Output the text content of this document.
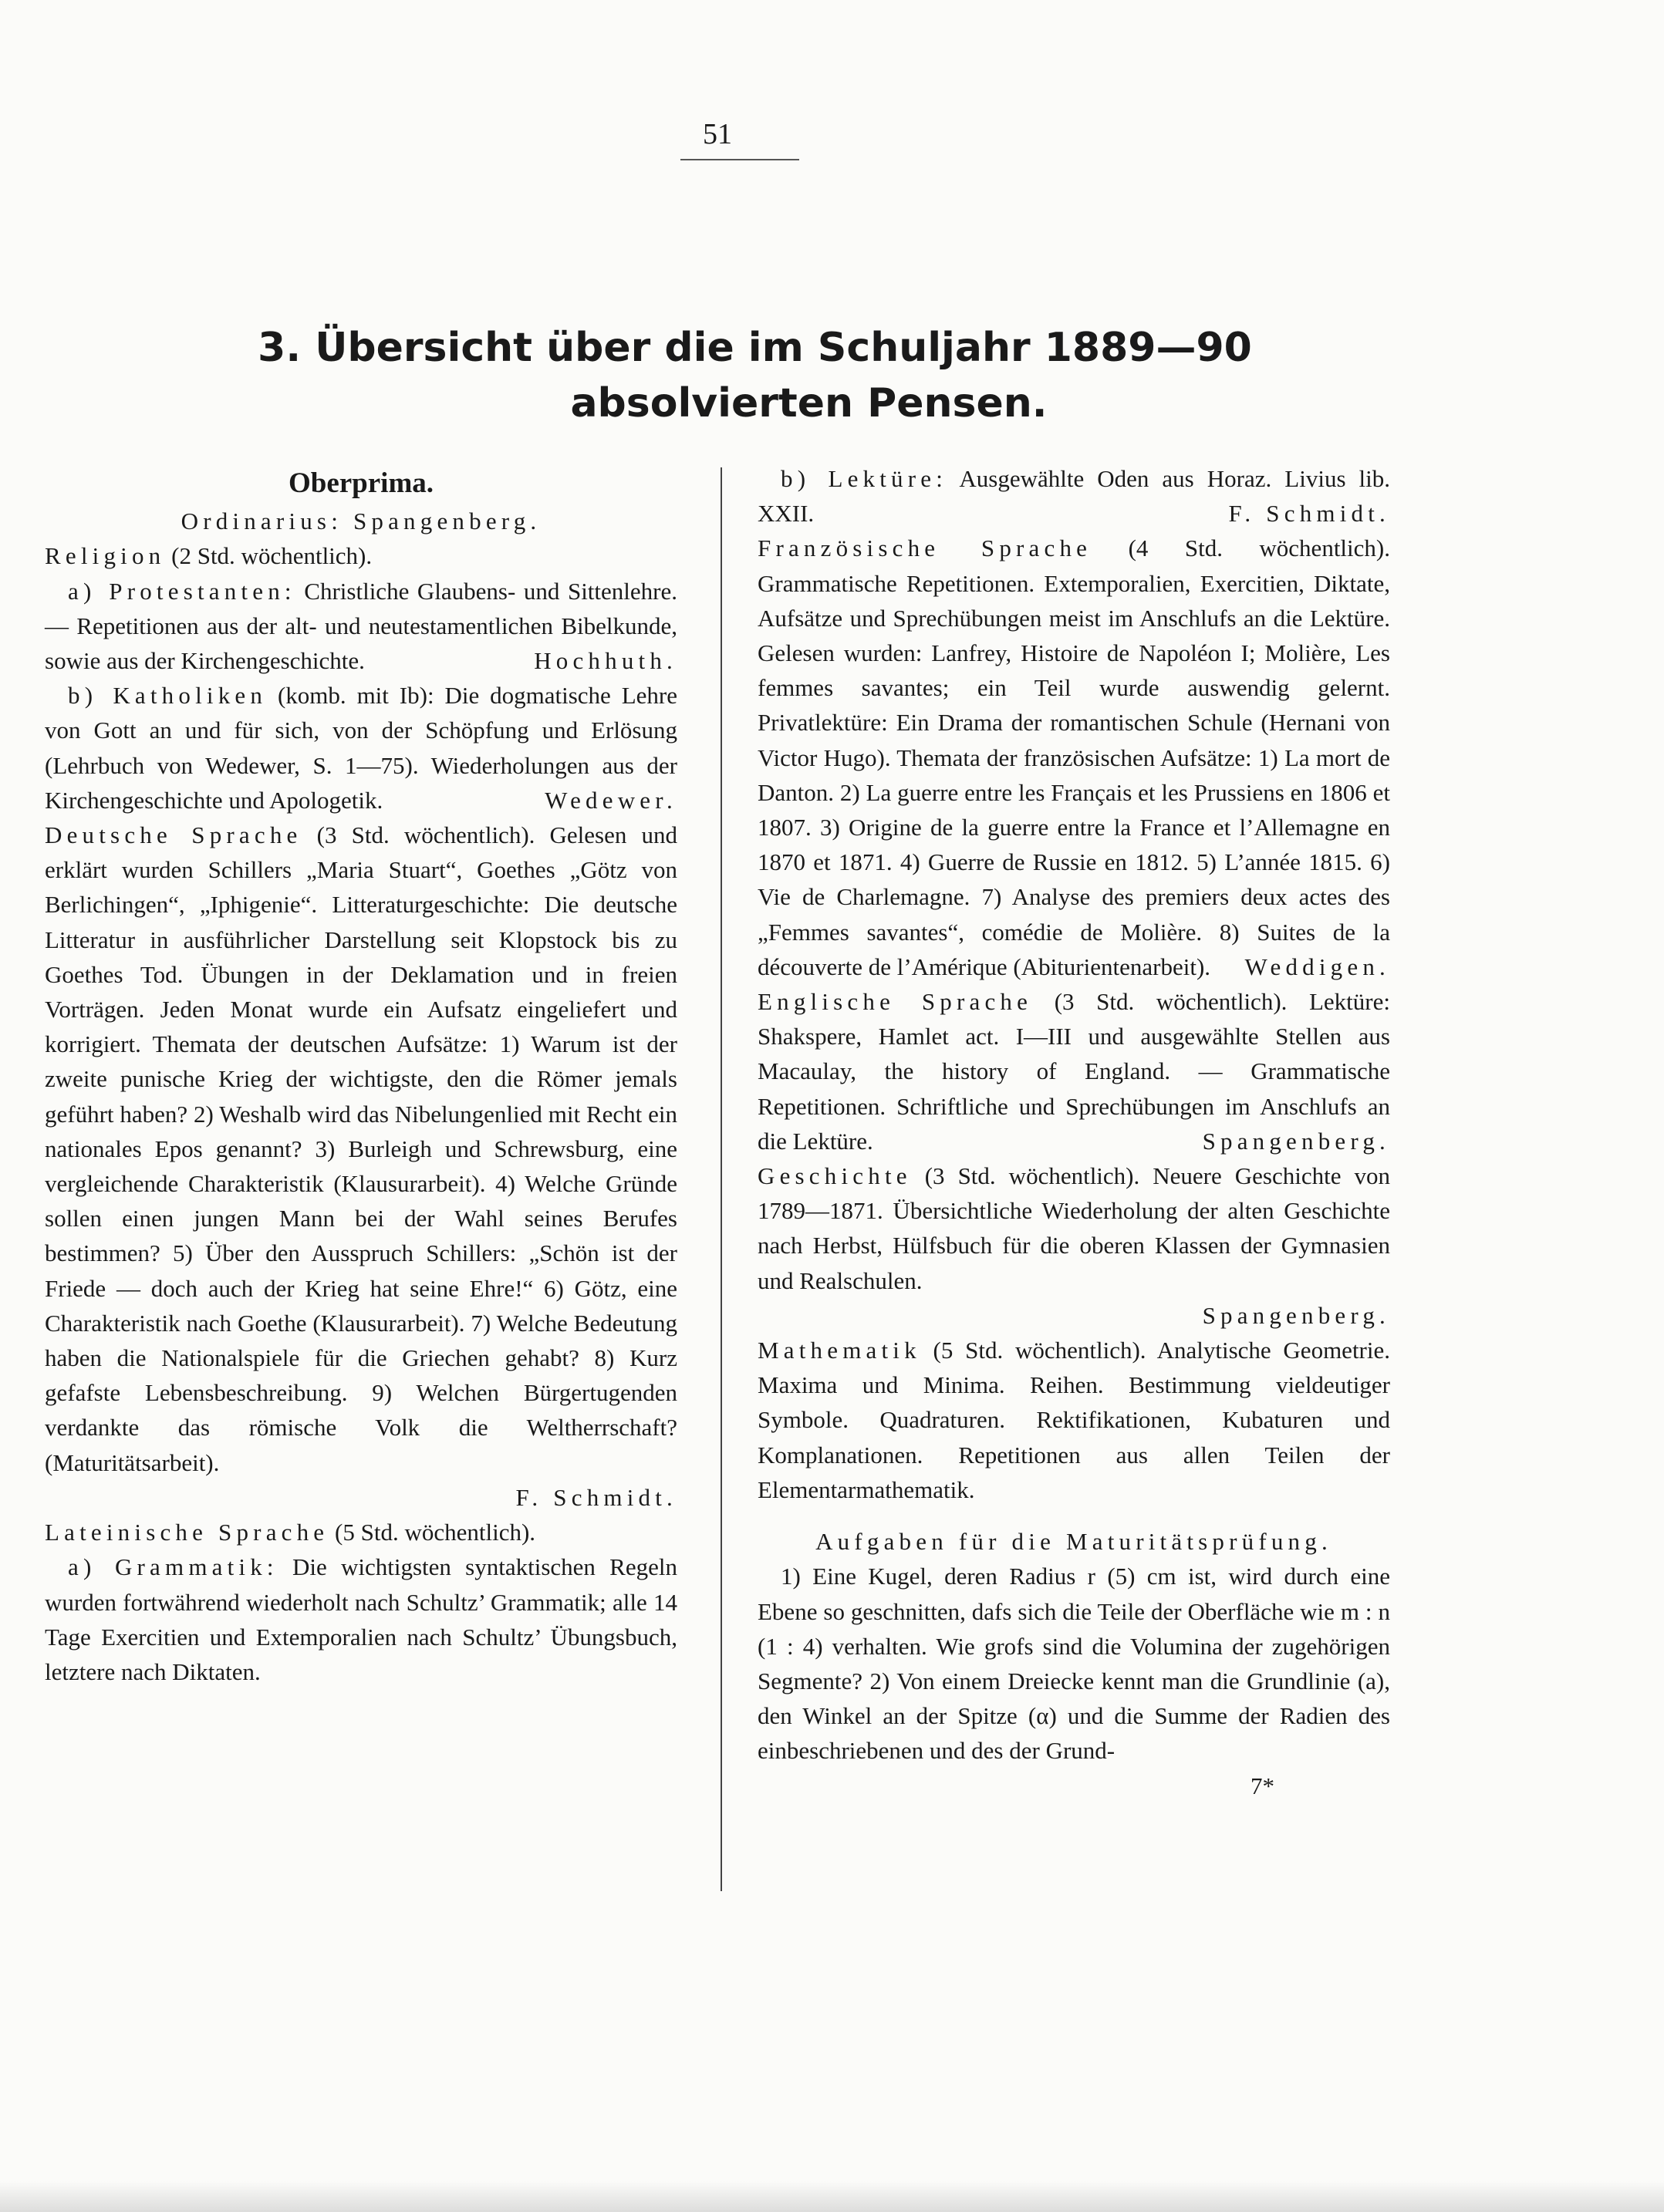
51
3. Übersicht über die im Schuljahr 1889—90
absolvierten Pensen.

Oberprima.

Ordinarius: Spangenberg.

Religion (2 Std. wöchentlich).

a) Protestanten: Christliche Glaubens- und Sittenlehre. — Repetitionen aus der alt- und neutestamentlichen Bibelkunde, sowie aus der Kirchengeschichte.	Hochhuth.

b) Katholiken (komb. mit Ib): Die dogmatische Lehre von Gott an und für sich, von der Schöpfung und Erlösung (Lehrbuch von Wedewer, S. 1—75). Wiederholungen aus der Kirchengeschichte und Apologetik.	Wedewer.

Deutsche Sprache (3 Std. wöchentlich). Gelesen und erklärt wurden Schillers „Maria Stuart“, Goethes „Götz von Berlichingen“, „Iphigenie“. Litteraturgeschichte: Die deutsche Litteratur in ausführlicher Darstellung seit Klopstock bis zu Goethes Tod. Übungen in der Deklamation und in freien Vorträgen. Jeden Monat wurde ein Aufsatz eingeliefert und korrigiert. Themata der deutschen Aufsätze: 1) Warum ist der zweite punische Krieg der wichtigste, den die Römer jemals geführt haben? 2) Weshalb wird das Nibelungenlied mit Recht ein nationales Epos genannt? 3) Burleigh und Schrewsburg, eine vergleichende Charakteristik (Klausurarbeit). 4) Welche Gründe sollen einen jungen Mann bei der Wahl seines Berufes bestimmen? 5) Über den Ausspruch Schillers: „Schön ist der Friede — doch auch der Krieg hat seine Ehre!“ 6) Götz, eine Charakteristik nach Goethe (Klausurarbeit). 7) Welche Bedeutung haben die Nationalspiele für die Griechen gehabt? 8) Kurz gefafste Lebensbeschreibung. 9) Welchen Bürgertugenden verdankte das römische Volk die Weltherrschaft? (Maturitätsarbeit).

F. Schmidt.

Lateinische Sprache (5 Std. wöchentlich).

a) Grammatik: Die wichtigsten syntaktischen Regeln wurden fortwährend wiederholt nach Schultz’ Grammatik; alle 14 Tage Exercitien und Extemporalien nach Schultz’ Übungsbuch, letztere nach Diktaten.

b) Lektüre: Ausgewählte Oden aus Horaz. Livius lib. XXII.	F. Schmidt.

Französische Sprache (4 Std. wöchentlich). Grammatische Repetitionen. Extemporalien, Exercitien, Diktate, Aufsätze und Sprechübungen meist im Anschlufs an die Lektüre. Gelesen wurden: Lanfrey, Histoire de Napoléon I; Molière, Les femmes savantes; ein Teil wurde auswendig gelernt. Privatlektüre: Ein Drama der romantischen Schule (Hernani von Victor Hugo). Themata der französischen Aufsätze: 1) La mort de Danton. 2) La guerre entre les Français et les Prussiens en 1806 et 1807. 3) Origine de la guerre entre la France et l’Allemagne en 1870 et 1871. 4) Guerre de Russie en 1812. 5) L’année 1815. 6) Vie de Charlemagne. 7) Analyse des premiers deux actes des „Femmes savantes“, comédie de Molière. 8) Suites de la découverte de l’Amérique (Abiturientenarbeit). Weddigen.

Englische Sprache (3 Std. wöchentlich). Lektüre: Shakspere, Hamlet act. I—III und ausgewählte Stellen aus Macaulay, the history of England. — Grammatische Repetitionen. Schriftliche und Sprechübungen im Anschlufs an die Lektüre.	Spangenberg.

Geschichte (3 Std. wöchentlich). Neuere Geschichte von 1789—1871. Übersichtliche Wiederholung der alten Geschichte nach Herbst, Hülfsbuch für die oberen Klassen der Gymnasien und Realschulen.

Spangenberg.

Mathematik (5 Std. wöchentlich). Analytische Geometrie. Maxima und Minima. Reihen. Bestimmung vieldeutiger Symbole. Quadraturen. Rektifikationen, Kubaturen und Komplanationen. Repetitionen aus allen Teilen der Elementarmathematik.

Aufgaben für die Maturitätsprüfung.

1) Eine Kugel, deren Radius r (5) cm ist, wird durch eine Ebene so geschnitten, dafs sich die Teile der Oberfläche wie m : n (1 : 4) verhalten. Wie grofs sind die Volumina der zugehörigen Segmente? 2) Von einem Dreiecke kennt man die Grundlinie (a), den Winkel an der Spitze (α) und die Summe der Radien des einbeschriebenen und des der Grund-

7*
